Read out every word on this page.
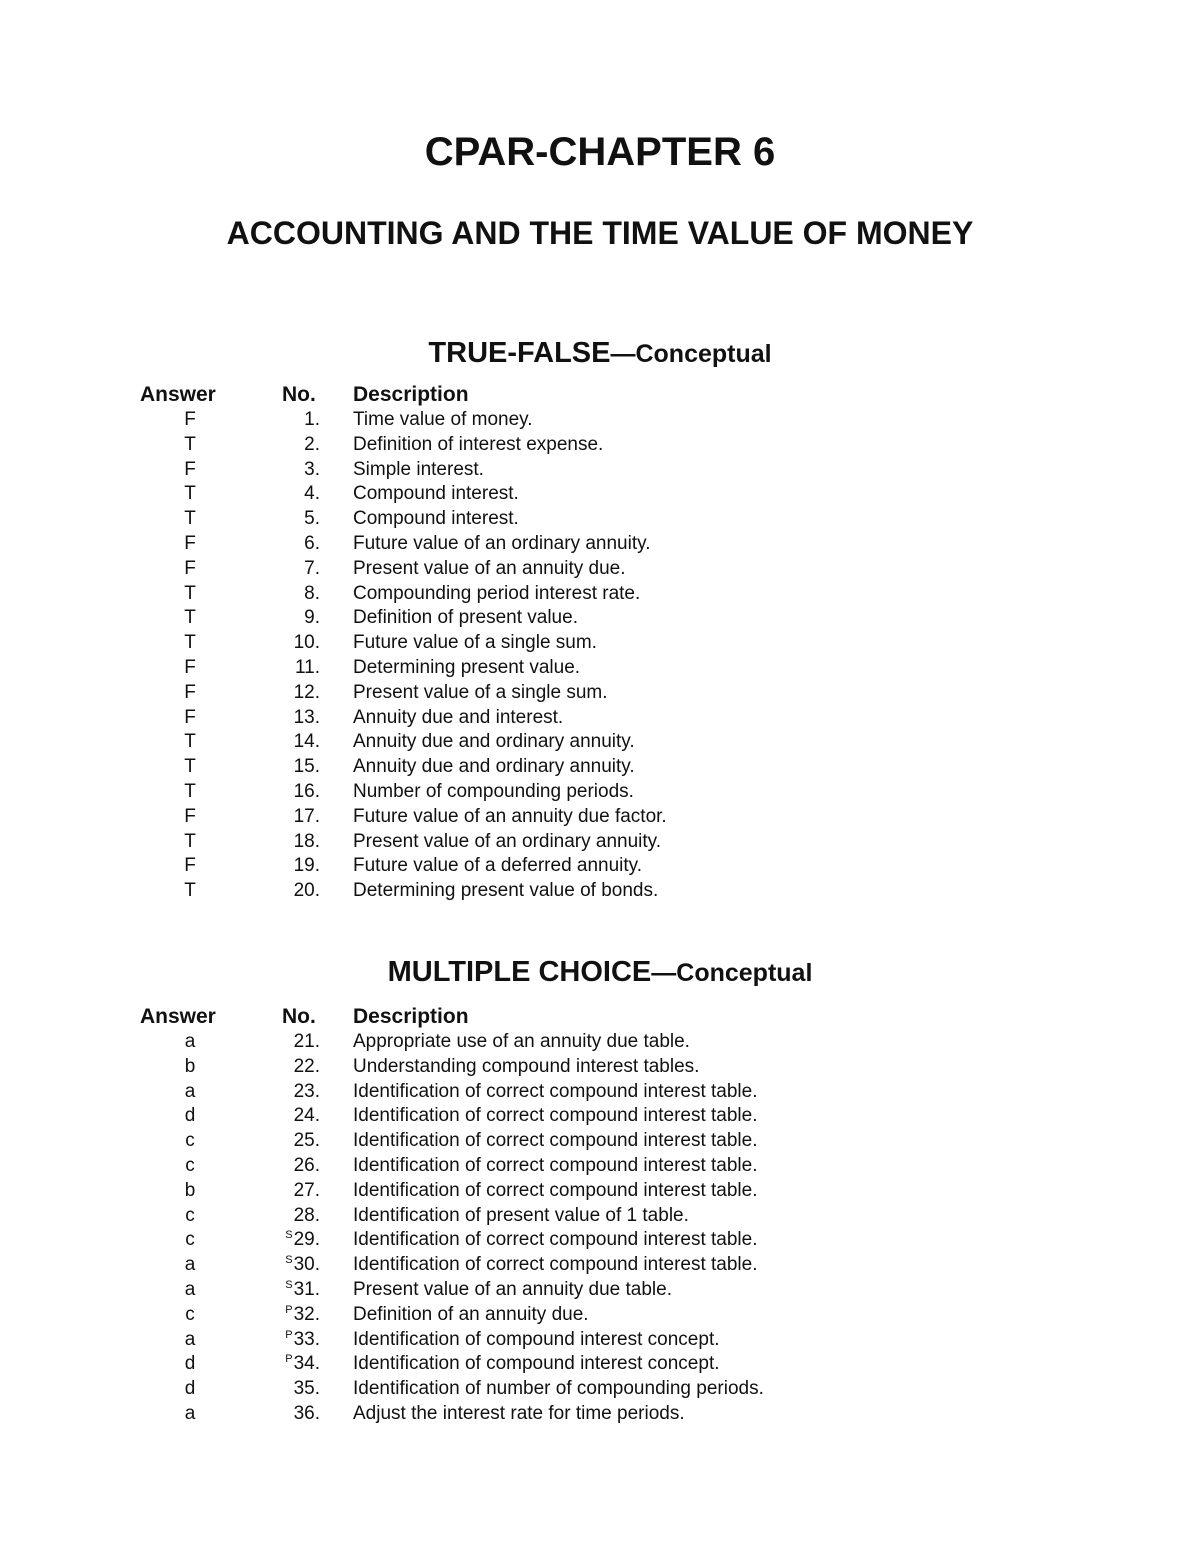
CPAR-CHAPTER 6
ACCOUNTING AND THE TIME VALUE OF MONEY
TRUE-FALSE—Conceptual
Answer	No. Description
F	1. Time value of money.
T	2. Definition of interest expense.
F	3. Simple interest.
T	4. Compound interest.
T	5. Compound interest.
F	6. Future value of an ordinary annuity.
F	7. Present value of an annuity due.
T	8. Compounding period interest rate.
T	9. Definition of present value.
T	10. Future value of a single sum.
F	11. Determining present value.
F	12. Present value of a single sum.
F	13. Annuity due and interest.
T	14. Annuity due and ordinary annuity.
T	15. Annuity due and ordinary annuity.
T	16. Number of compounding periods.
F	17. Future value of an annuity due factor.
T	18. Present value of an ordinary annuity.
F	19. Future value of a deferred annuity.
T	20. Determining present value of bonds.
MULTIPLE CHOICE—Conceptual
Answer	No. Description
a	21. Appropriate use of an annuity due table.
b	22. Understanding compound interest tables.
a	23. Identification of correct compound interest table.
d	24. Identification of correct compound interest table.
c	25. Identification of correct compound interest table.
c	26. Identification of correct compound interest table.
b	27. Identification of correct compound interest table.
c	28. Identification of present value of 1 table.
c	$^S$29. Identification of correct compound interest table.
a	$^S$30. Identification of correct compound interest table.
a	$^S$31. Present value of an annuity due table.
c	$^P$32. Definition of an annuity due.
a	$^P$33. Identification of compound interest concept.
d	$^P$34. Identification of compound interest concept.
d	35. Identification of number of compounding periods.
a	36. Adjust the interest rate for time periods.
